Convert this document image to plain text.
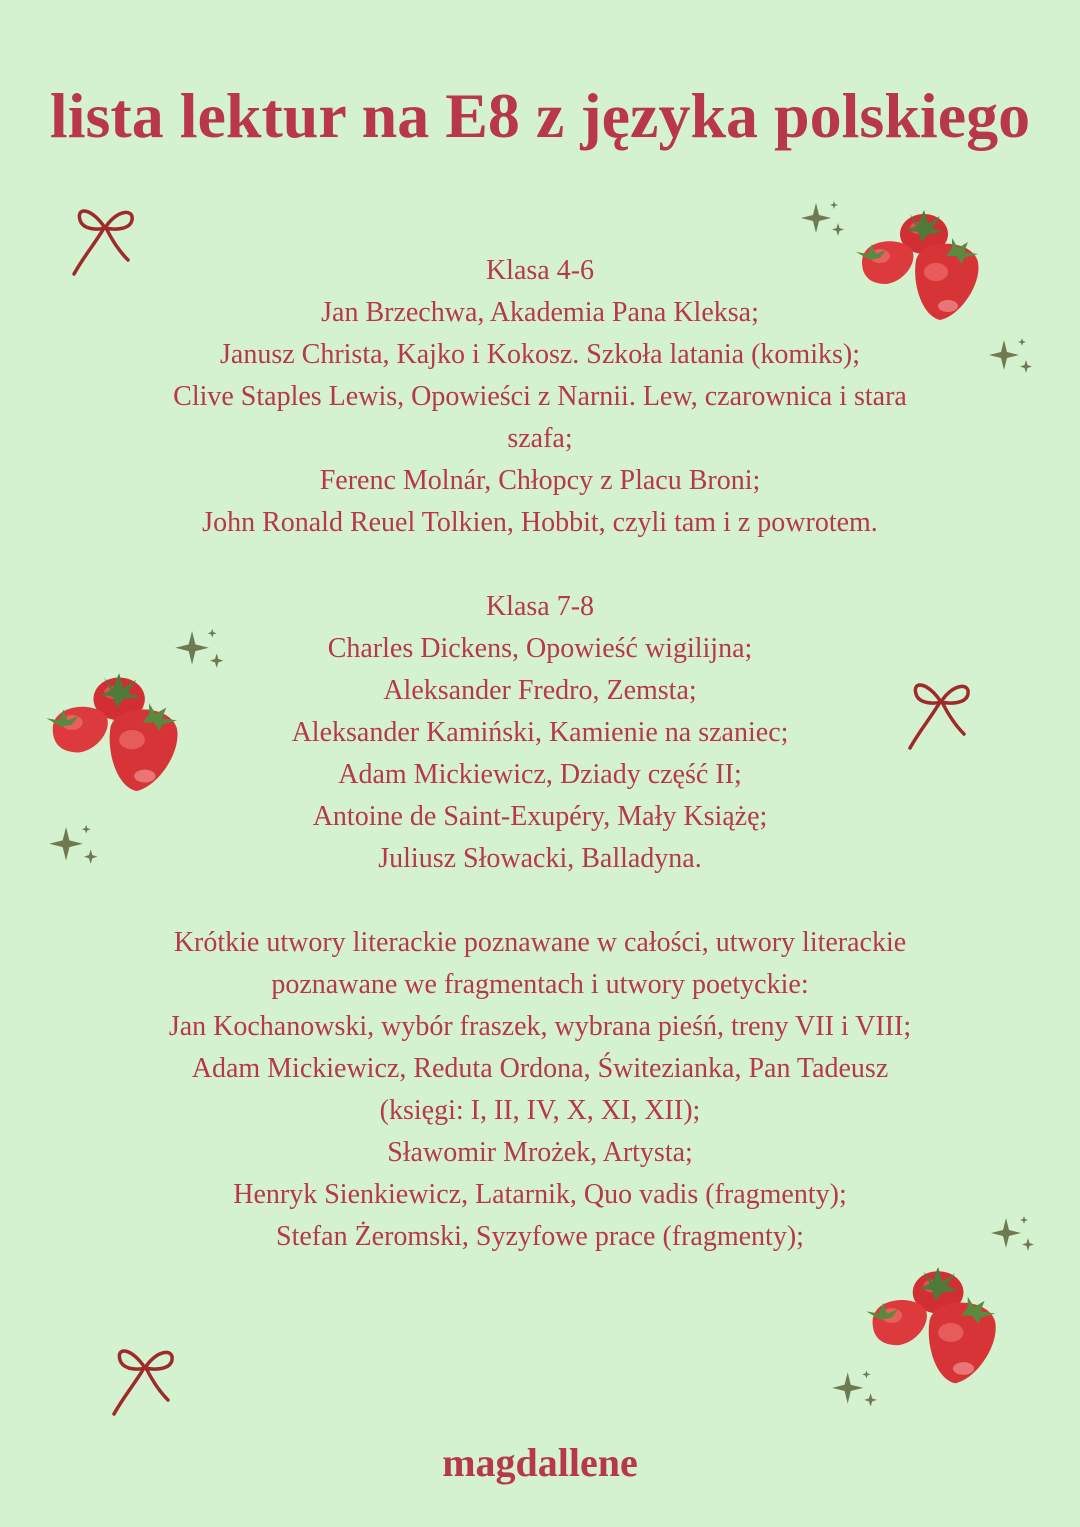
lista lektur na E8 z języka polskiego

Klasa 4-6

Jan Brzechwa, Akademia Pana Kleksa;

Janusz Christa, Kajko i Kokosz. Szkoła latania (komiks);

Clive Staples Lewis, Opowieści z Narnii. Lew, czarownica i stara

szafa;

Ferenc Molnár, Chłopcy z Placu Broni;

John Ronald Reuel Tolkien, Hobbit, czyli tam i z powrotem.

Klasa 7-8

Charles Dickens, Opowieść wigilijna;

Aleksander Fredro, Zemsta;

Aleksander Kamiński, Kamienie na szaniec;

Adam Mickiewicz, Dziady część II;

Antoine de Saint-Exupéry, Mały Książę;

Juliusz Słowacki, Balladyna.

Krótkie utwory literackie poznawane w całości, utwory literackie

poznawane we fragmentach i utwory poetyckie:

Jan Kochanowski, wybór fraszek, wybrana pieśń, treny VII i VIII;

Adam Mickiewicz, Reduta Ordona, Świtezianka, Pan Tadeusz

(księgi: I, II, IV, X, XI, XII);

Sławomir Mrożek, Artysta;

Henryk Sienkiewicz, Latarnik, Quo vadis (fragmenty);

Stefan Żeromski, Syzyfowe prace (fragmenty);

magdallene
